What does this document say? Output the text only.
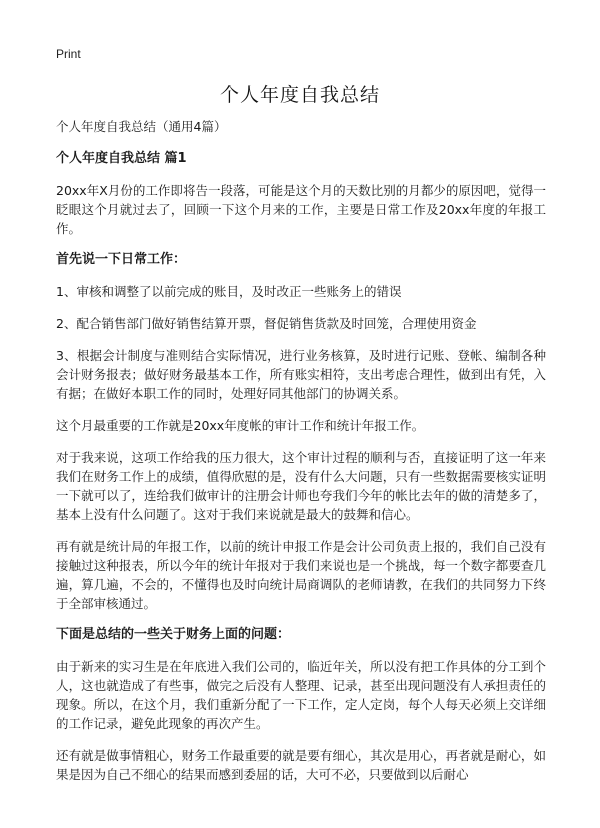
Print
个人年度自我总结
个人年度自我总结（通用4篇）
个人年度自我总结 篇1
20xx年X月份的工作即将告一段落，可能是这个月的天数比别的月都少的原因吧，觉得一眨眼这个月就过去了，回顾一下这个月来的工作，主要是日常工作及20xx年度的年报工作。
首先说一下日常工作：
1、审核和调整了以前完成的账目，及时改正一些账务上的错误
2、配合销售部门做好销售结算开票，督促销售货款及时回笼，合理使用资金
3、根据会计制度与准则结合实际情况，进行业务核算，及时进行记账、登帐、编制各种会计财务报表；做好财务最基本工作，所有账实相符，支出考虑合理性，做到出有凭，入有据；在做好本职工作的同时，处理好同其他部门的协调关系。
这个月最重要的工作就是20xx年度帐的审计工作和统计年报工作。
对于我来说，这项工作给我的压力很大，这个审计过程的顺利与否，直接证明了这一年来我们在财务工作上的成绩，值得欣慰的是，没有什么大问题，只有一些数据需要核实证明一下就可以了，连给我们做审计的注册会计师也夸我们今年的帐比去年的做的清楚多了，基本上没有什么问题了。这对于我们来说就是最大的鼓舞和信心。
再有就是统计局的年报工作，以前的统计申报工作是会计公司负责上报的，我们自己没有接触过这种报表，所以今年的统计年报对于我们来说也是一个挑战，每一个数字都要查几遍，算几遍，不会的，不懂得也及时向统计局商调队的老师请教，在我们的共同努力下终于全部审核通过。
下面是总结的一些关于财务上面的问题：
由于新来的实习生是在年底进入我们公司的，临近年关，所以没有把工作具体的分工到个人，这也就造成了有些事，做完之后没有人整理、记录，甚至出现问题没有人承担责任的现象。所以，在这个月，我们重新分配了一下工作，定人定岗，每个人每天必须上交详细的工作记录，避免此现象的再次产生。
还有就是做事情粗心，财务工作最重要的就是要有细心，其次是用心，再者就是耐心，如果是因为自己不细心的结果而感到委屈的话，大可不必，只要做到以后耐心
